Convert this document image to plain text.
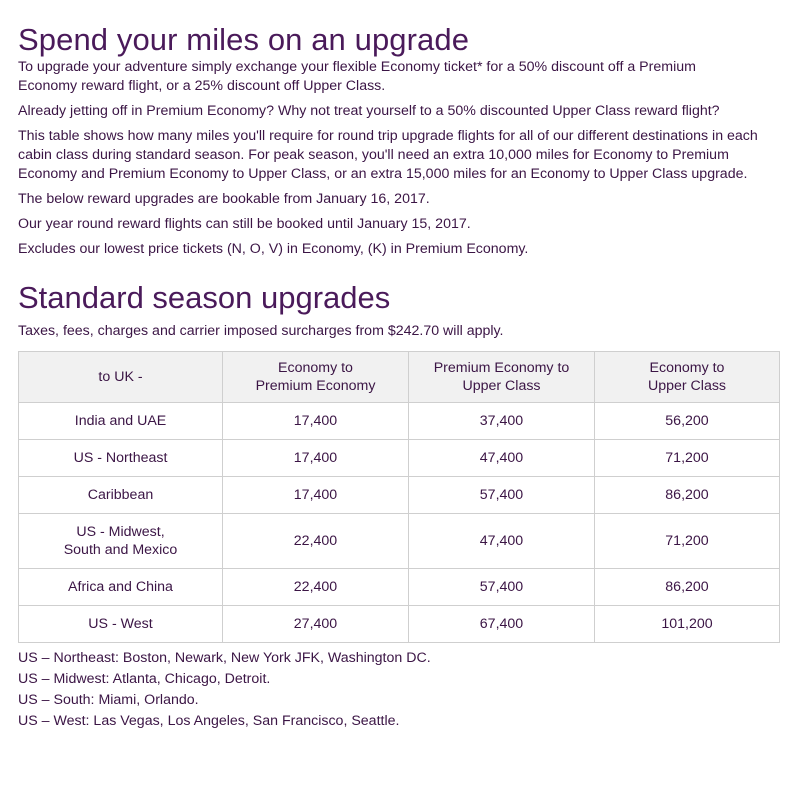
Spend your miles on an upgrade

To upgrade your adventure simply exchange your flexible Economy ticket* for a 50% discount off a Premium Economy reward flight, or a 25% discount off Upper Class.

Already jetting off in Premium Economy? Why not treat yourself to a 50% discounted Upper Class reward flight?

This table shows how many miles you'll require for round trip upgrade flights for all of our different destinations in each cabin class during standard season. For peak season, you'll need an extra 10,000 miles for Economy to Premium Economy and Premium Economy to Upper Class, or an extra 15,000 miles for an Economy to Upper Class upgrade.

The below reward upgrades are bookable from January 16, 2017.

Our year round reward flights can still be booked until January 15, 2017.

Excludes our lowest price tickets (N, O, V) in Economy, (K) in Premium Economy.

Standard season upgrades
Taxes, fees, charges and carrier imposed surcharges from $242.70 will apply.
to UK -	Economy to Premium Economy	Premium Economy to Upper Class	Economy to Upper Class
India and UAE	17,400	37,400	56,200
US - Northeast	17,400	47,400	71,200
Caribbean	17,400	57,400	86,200
US - Midwest, South and Mexico	22,400	47,400	71,200
Africa and China	22,400	57,400	86,200
US - West	27,400	67,400	101,200
US – Northeast: Boston, Newark, New York JFK, Washington DC.
US – Midwest: Atlanta, Chicago, Detroit.
US – South: Miami, Orlando.
US – West: Las Vegas, Los Angeles, San Francisco, Seattle.
